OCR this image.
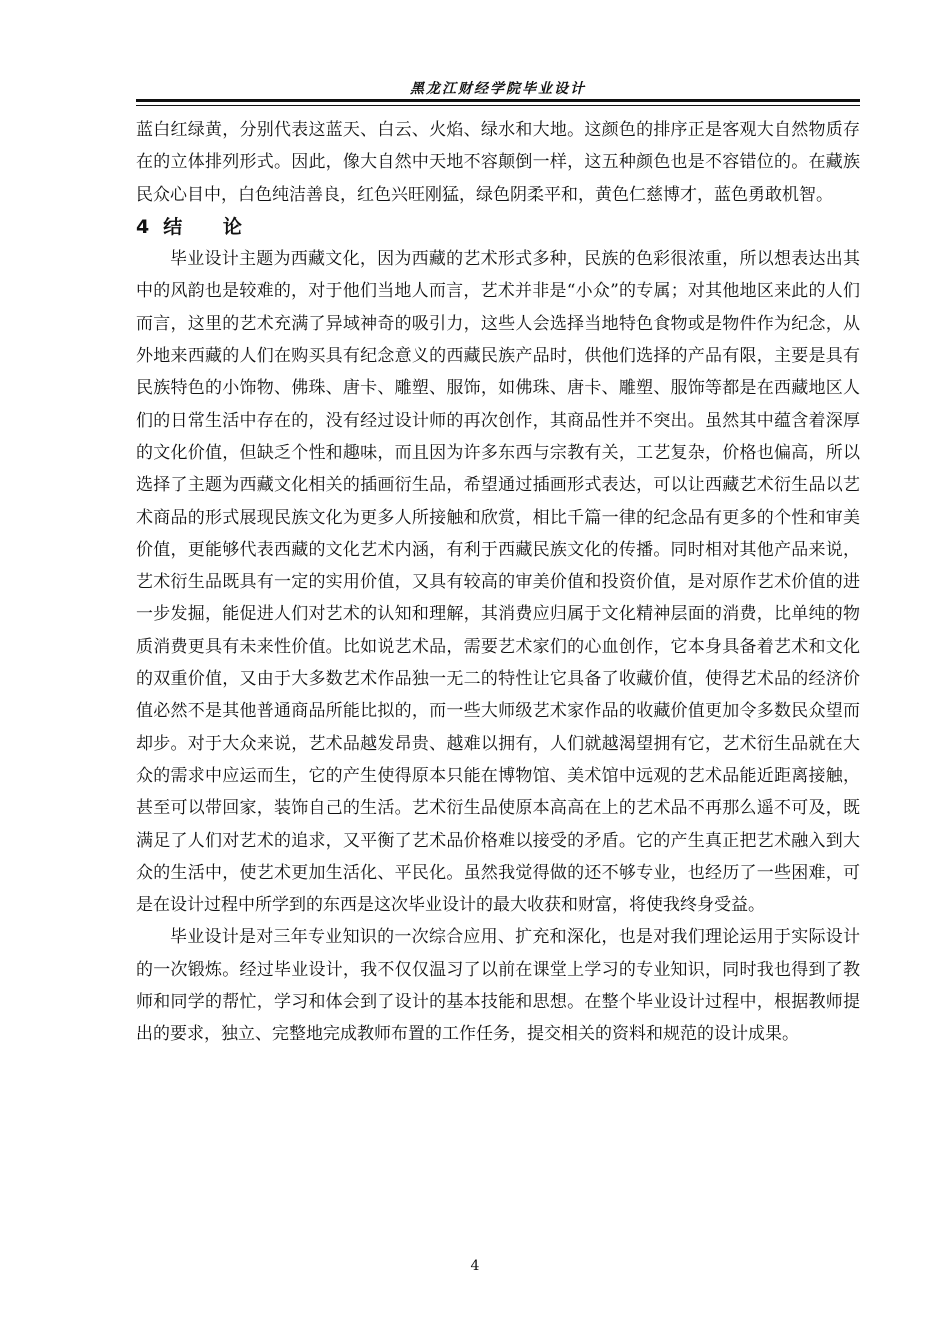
黑龙江财经学院毕业设计

蓝白红绿黄，分别代表这蓝天、白云、火焰、绿水和大地。这颜色的排序正是客观大自然物质存在的立体排列形式。因此，像大自然中天地不容颠倒一样，这五种颜色也是不容错位的。在藏族民众心目中，白色纯洁善良，红色兴旺刚猛，绿色阴柔平和，黄色仁慈博才，蓝色勇敢机智。

4结 论

毕业设计主题为西藏文化，因为西藏的艺术形式多种，民族的色彩很浓重，所以想表达出其中的风韵也是较难的，对于他们当地人而言，艺术并非是“小众”的专属；对其他地区来此的人们而言，这里的艺术充满了异域神奇的吸引力，这些人会选择当地特色食物或是物件作为纪念，从外地来西藏的人们在购买具有纪念意义的西藏民族产品时，供他们选择的产品有限，主要是具有民族特色的小饰物、佛珠、唐卡、雕塑、服饰，如佛珠、唐卡、雕塑、服饰等都是在西藏地区人们的日常生活中存在的，没有经过设计师的再次创作，其商品性并不突出。虽然其中蕴含着深厚的文化价值，但缺乏个性和趣味，而且因为许多东西与宗教有关，工艺复杂，价格也偏高，所以选择了主题为西藏文化相关的插画衍生品，希望通过插画形式表达，可以让西藏艺术衍生品以艺术商品的形式展现民族文化为更多人所接触和欣赏，相比千篇一律的纪念品有更多的个性和审美价值，更能够代表西藏的文化艺术内涵，有利于西藏民族文化的传播。同时相对其他产品来说，艺术衍生品既具有一定的实用价值，又具有较高的审美价值和投资价值，是对原作艺术价值的进一步发掘，能促进人们对艺术的认知和理解，其消费应归属于文化精神层面的消费，比单纯的物质消费更具有未来性价值。比如说艺术品，需要艺术家们的心血创作，它本身具备着艺术和文化的双重价值，又由于大多数艺术作品独一无二的特性让它具备了收藏价值，使得艺术品的经济价值必然不是其他普通商品所能比拟的，而一些大师级艺术家作品的收藏价值更加令多数民众望而却步。对于大众来说，艺术品越发昂贵、越难以拥有，人们就越渴望拥有它，艺术衍生品就在大众的需求中应运而生，它的产生使得原本只能在博物馆、美术馆中远观的艺术品能近距离接触，甚至可以带回家，装饰自己的生活。艺术衍生品使原本高高在上的艺术品不再那么遥不可及，既满足了人们对艺术的追求，又平衡了艺术品价格难以接受的矛盾。它的产生真正把艺术融入到大众的生活中，使艺术更加生活化、平民化。虽然我觉得做的还不够专业，也经历了一些困难，可是在设计过程中所学到的东西是这次毕业设计的最大收获和财富，将使我终身受益。

毕业设计是对三年专业知识的一次综合应用、扩充和深化，也是对我们理论运用于实际设计的一次锻炼。经过毕业设计，我不仅仅温习了以前在课堂上学习的专业知识，同时我也得到了教师和同学的帮忙，学习和体会到了设计的基本技能和思想。在整个毕业设计过程中，根据教师提出的要求，独立、完整地完成教师布置的工作任务，提交相关的资料和规范的设计成果。

4
